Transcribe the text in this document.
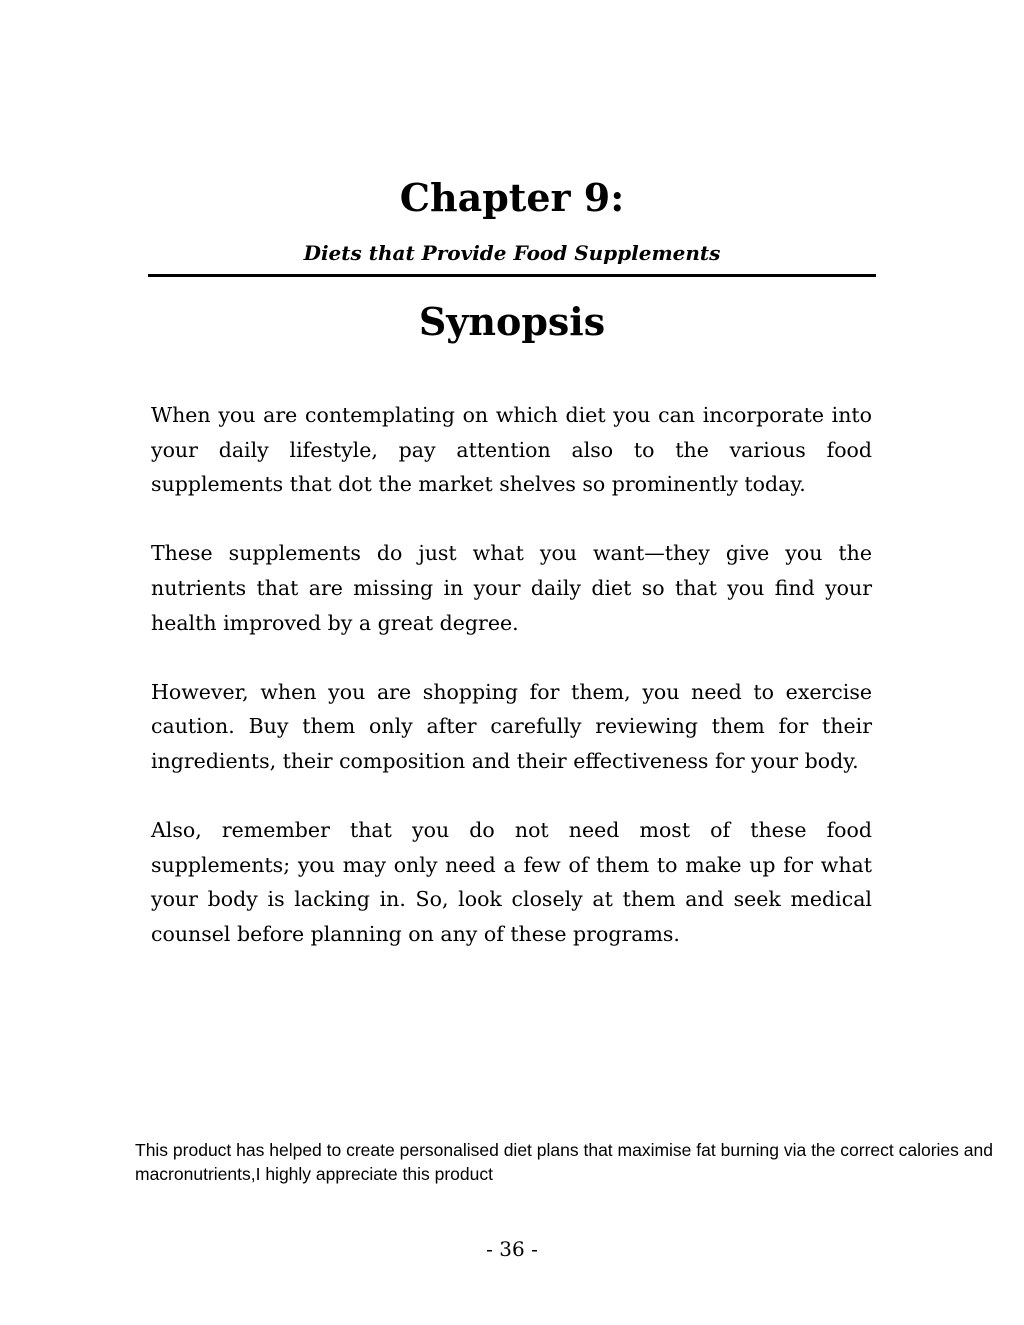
Chapter 9:
Diets that Provide Food Supplements
Synopsis

When you are contemplating on which diet you can incorporate into your daily lifestyle, pay attention also to the various food supplements that dot the market shelves so prominently today.

These supplements do just what you want—they give you the nutrients that are missing in your daily diet so that you find your health improved by a great degree.

However, when you are shopping for them, you need to exercise caution. Buy them only after carefully reviewing them for their ingredients, their composition and their effectiveness for your body.

Also, remember that you do not need most of these food supplements; you may only need a few of them to make up for what your body is lacking in. So, look closely at them and seek medical counsel before planning on any of these programs.

This product has helped to create personalised diet plans that maximise fat burning via the correct calories and macronutrients,I highly appreciate this product

- 36 -
